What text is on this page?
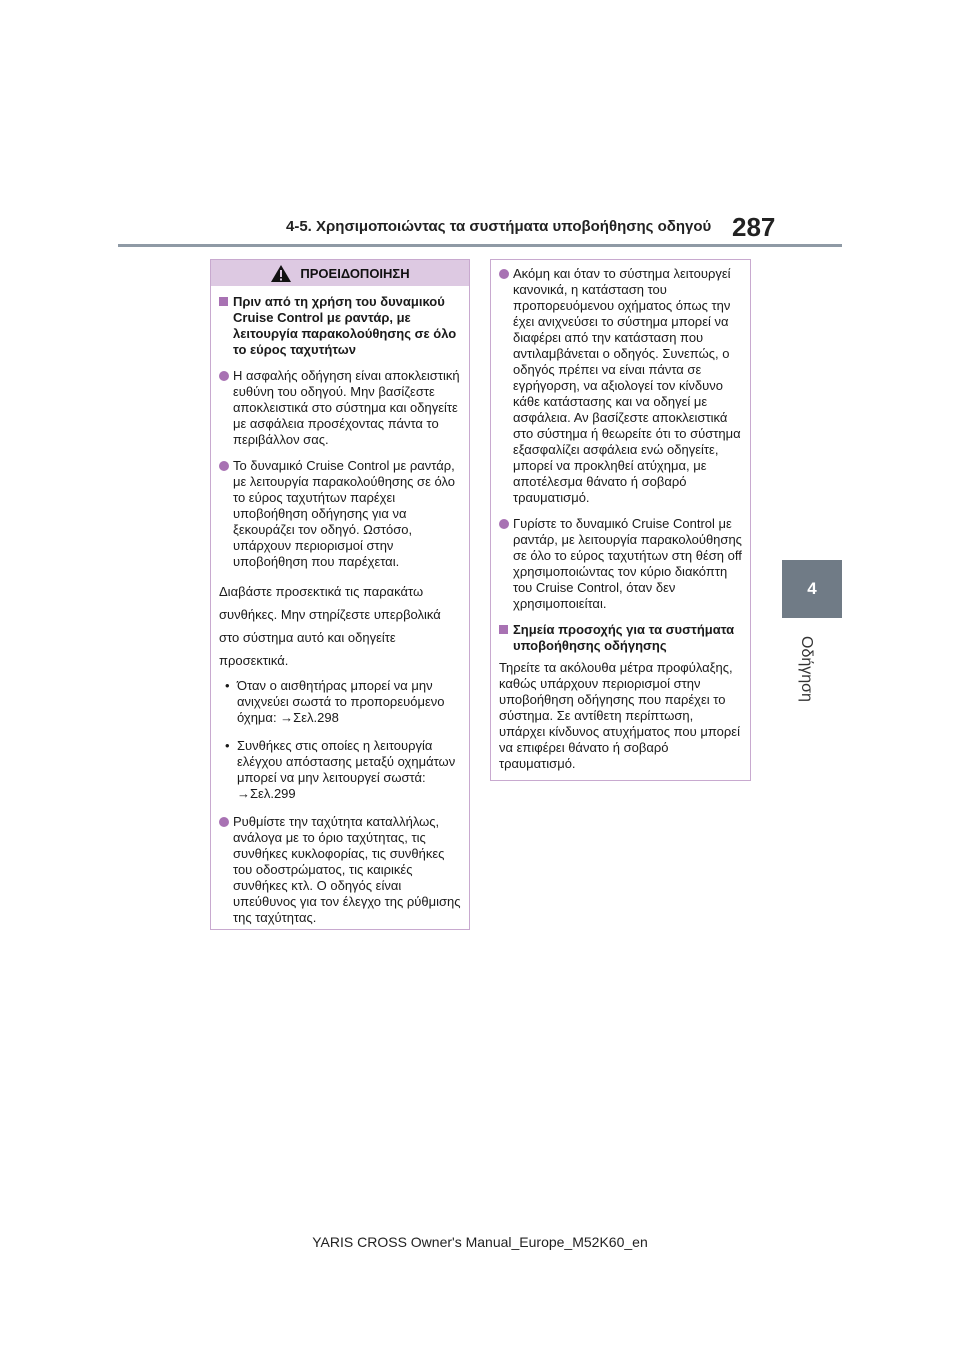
4-5. Χρησιμοποιώντας τα συστήματα υποβοήθησης οδηγού 287
4
Οδήγηση
ΠΡΟΕΙΔΟΠΟΙΗΣΗ
Πριν από τη χρήση του δυναμικού Cruise Control με ραντάρ, με λειτουργία παρακολούθησης σε όλο το εύρος ταχυτήτων
Η ασφαλής οδήγηση είναι αποκλειστική ευθύνη του οδηγού. Μην βασίζεστε αποκλειστικά στο σύστημα και οδηγείτε με ασφάλεια προσέχοντας πάντα το περιβάλλον σας.
Το δυναμικό Cruise Control με ραντάρ, με λειτουργία παρακολούθησης σε όλο το εύρος ταχυτήτων παρέχει υποβοήθηση οδήγησης για να ξεκουράζει τον οδηγό. Ωστόσο, υπάρχουν περιορισμοί στην υποβοήθηση που παρέχεται.
Διαβάστε προσεκτικά τις παρακάτω συνθήκες. Μην στηρίζεστε υπερβολικά στο σύστημα αυτό και οδηγείτε προσεκτικά.
• Όταν ο αισθητήρας μπορεί να μην ανιχνεύει σωστά το προπορευόμενο όχημα: →Σελ.298
• Συνθήκες στις οποίες η λειτουργία ελέγχου απόστασης μεταξύ οχημάτων μπορεί να μην λειτουργεί σωστά: →Σελ.299
Ρυθμίστε την ταχύτητα καταλλήλως, ανάλογα με το όριο ταχύτητας, τις συνθήκες κυκλοφορίας, τις συνθήκες του οδοστρώματος, τις καιρικές συνθήκες κτλ. Ο οδηγός είναι υπεύθυνος για τον έλεγχο της ρύθμισης της ταχύτητας.
Ακόμη και όταν το σύστημα λειτουργεί κανονικά, η κατάσταση του προπορευόμενου οχήματος όπως την έχει ανιχνεύσει το σύστημα μπορεί να διαφέρει από την κατάσταση που αντιλαμβάνεται ο οδηγός. Συνεπώς, ο οδηγός πρέπει να είναι πάντα σε εγρήγορση, να αξιολογεί τον κίνδυνο κάθε κατάστασης και να οδηγεί με ασφάλεια. Αν βασίζεστε αποκλειστικά στο σύστημα ή θεωρείτε ότι το σύστημα εξασφαλίζει ασφάλεια ενώ οδηγείτε, μπορεί να προκληθεί ατύχημα, με αποτέλεσμα θάνατο ή σοβαρό τραυματισμό.
Γυρίστε το δυναμικό Cruise Control με ραντάρ, με λειτουργία παρακολούθησης σε όλο το εύρος ταχυτήτων στη θέση off χρησιμοποιώντας τον κύριο διακόπτη του Cruise Control, όταν δεν χρησιμοποιείται.
Σημεία προσοχής για τα συστήματα υποβοήθησης οδήγησης
Τηρείτε τα ακόλουθα μέτρα προφύλαξης, καθώς υπάρχουν περιορισμοί στην υποβοήθηση οδήγησης που παρέχει το σύστημα. Σε αντίθετη περίπτωση, υπάρχει κίνδυνος ατυχήματος που μπορεί να επιφέρει θάνατο ή σοβαρό τραυματισμό.
YARIS CROSS Owner's Manual_Europe_M52K60_en
